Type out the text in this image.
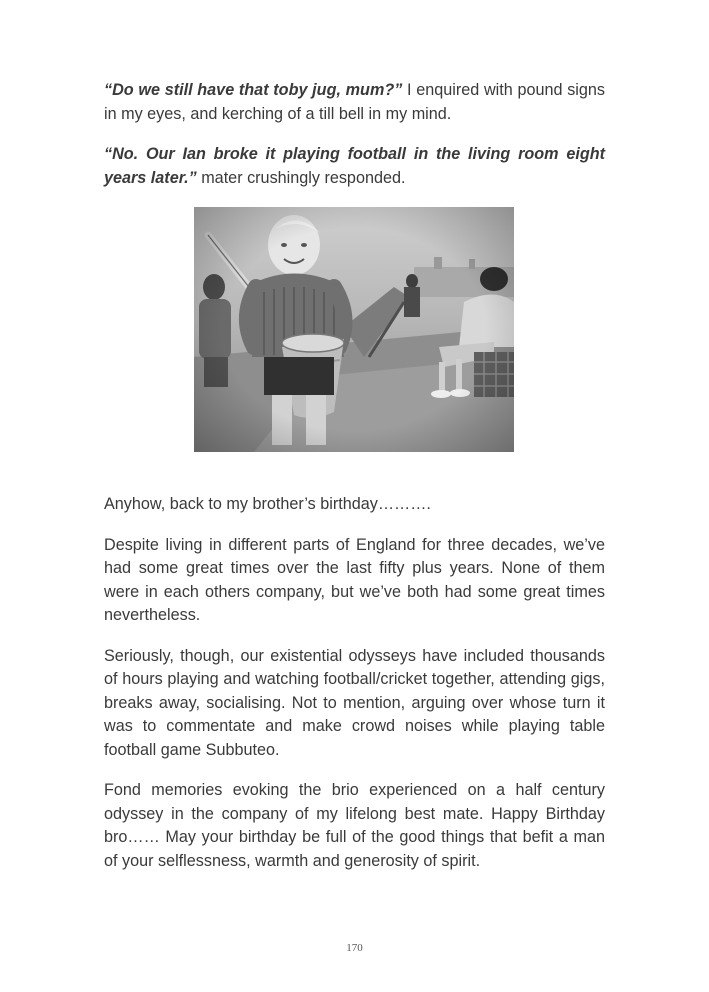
“Do we still have that toby jug, mum?” I enquired with pound signs in my eyes, and kerching of a till bell in my mind.

“No. Our Ian broke it playing football in the living room eight years later.” mater crushingly responded.

Anyhow, back to my brother’s birthday……….

Despite living in different parts of England for three decades, we’ve had some great times over the last fifty plus years. None of them were in each others company, but we’ve both had some great times nevertheless.

Seriously, though, our existential odysseys have included thousands of hours playing and watching football/cricket together, attending gigs, breaks away, socialising. Not to mention, arguing over whose turn it was to commentate and make crowd noises while playing table football game Subbuteo.

Fond memories evoking the brio experienced on a half century odyssey in the company of my lifelong best mate. Happy Birthday bro…… May your birthday be full of the good things that befit a man of your selflessness, warmth and generosity of spirit.

170
